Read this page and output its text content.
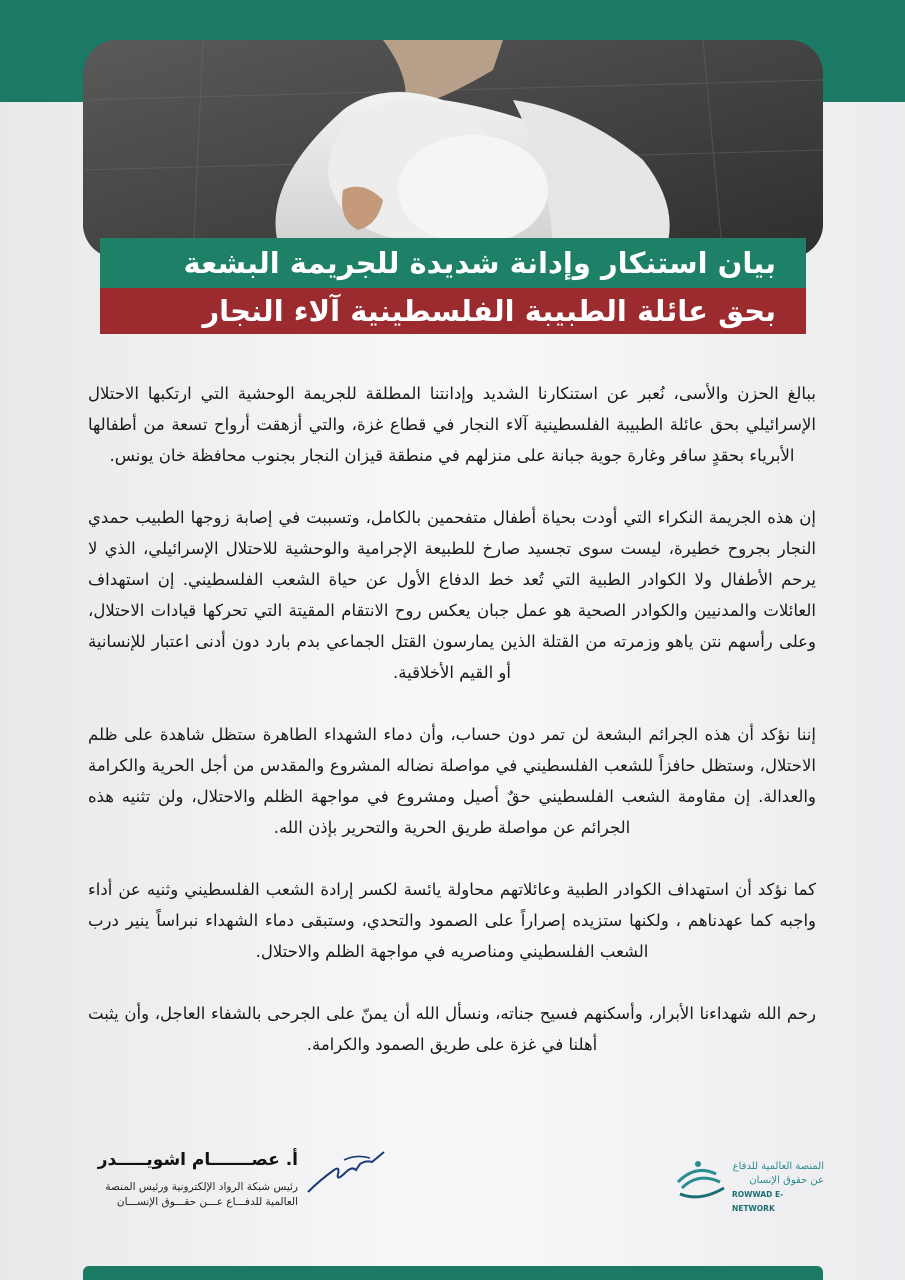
بيان استنكار وإدانة شديدة للجريمة البشعة
بحق عائلة الطبيبة الفلسطينية آلاء النجار

ببالغ الحزن والأسى، نُعبر عن استنكارنا الشديد وإدانتنا المطلقة للجريمة الوحشية التي ارتكبها الاحتلال الإسرائيلي بحق عائلة الطبيبة الفلسطينية آلاء النجار في قطاع غزة، والتي أزهقت أرواح تسعة من أطفالها الأبرياء بحقدٍ سافر وغارة جوية جبانة على منزلهم في منطقة قيزان النجار بجنوب محافظة خان يونس.

إن هذه الجريمة النكراء التي أودت بحياة أطفال متفحمين بالكامل، وتسببت في إصابة زوجها الطبيب حمدي النجار بجروح خطيرة، ليست سوى تجسيد صارخ للطبيعة الإجرامية والوحشية للاحتلال الإسرائيلي، الذي لا يرحم الأطفال ولا الكوادر الطبية التي تُعد خط الدفاع الأول عن حياة الشعب الفلسطيني. إن استهداف العائلات والمدنيين والكوادر الصحية هو عمل جبان يعكس روح الانتقام المقيتة التي تحركها قيادات الاحتلال، وعلى رأسهم نتن ياهو وزمرته من القتلة الذين يمارسون القتل الجماعي بدم بارد دون أدنى اعتبار للإنسانية أو القيم الأخلاقية.

إننا نؤكد أن هذه الجرائم البشعة لن تمر دون حساب، وأن دماء الشهداء الطاهرة ستظل شاهدة على ظلم الاحتلال، وستظل حافزاً للشعب الفلسطيني في مواصلة نضاله المشروع والمقدس من أجل الحرية والكرامة والعدالة. إن مقاومة الشعب الفلسطيني حقٌ أصيل ومشروع في مواجهة الظلم والاحتلال، ولن تثنيه هذه الجرائم عن مواصلة طريق الحرية والتحرير بإذن الله.

كما نؤكد أن استهداف الكوادر الطبية وعائلاتهم محاولة يائسة لكسر إرادة الشعب الفلسطيني وثنيه عن أداء واجبه كما عهدناهم ، ولكنها ستزيده إصراراً على الصمود والتحدي، وستبقى دماء الشهداء نبراساً ينير درب الشعب الفلسطيني ومناصريه في مواجهة الظلم والاحتلال.

رحم الله شهداءنا الأبرار، وأسكنهم فسيح جناته، ونسأل الله أن يمنّ على الجرحى بالشفاء العاجل، وأن يثبت أهلنا في غزة على طريق الصمود والكرامة.

أ. عصـــــــام اشويـــــدر
رئيس شبكة الرواد الإلكترونية ورئيس المنصة
العالمية للدفـــاع عـــن حقـــوق الإنســـان
المنصة العالمية للدفاع
عن حقوق الإنسان
ROWWAD E-NETWORK
